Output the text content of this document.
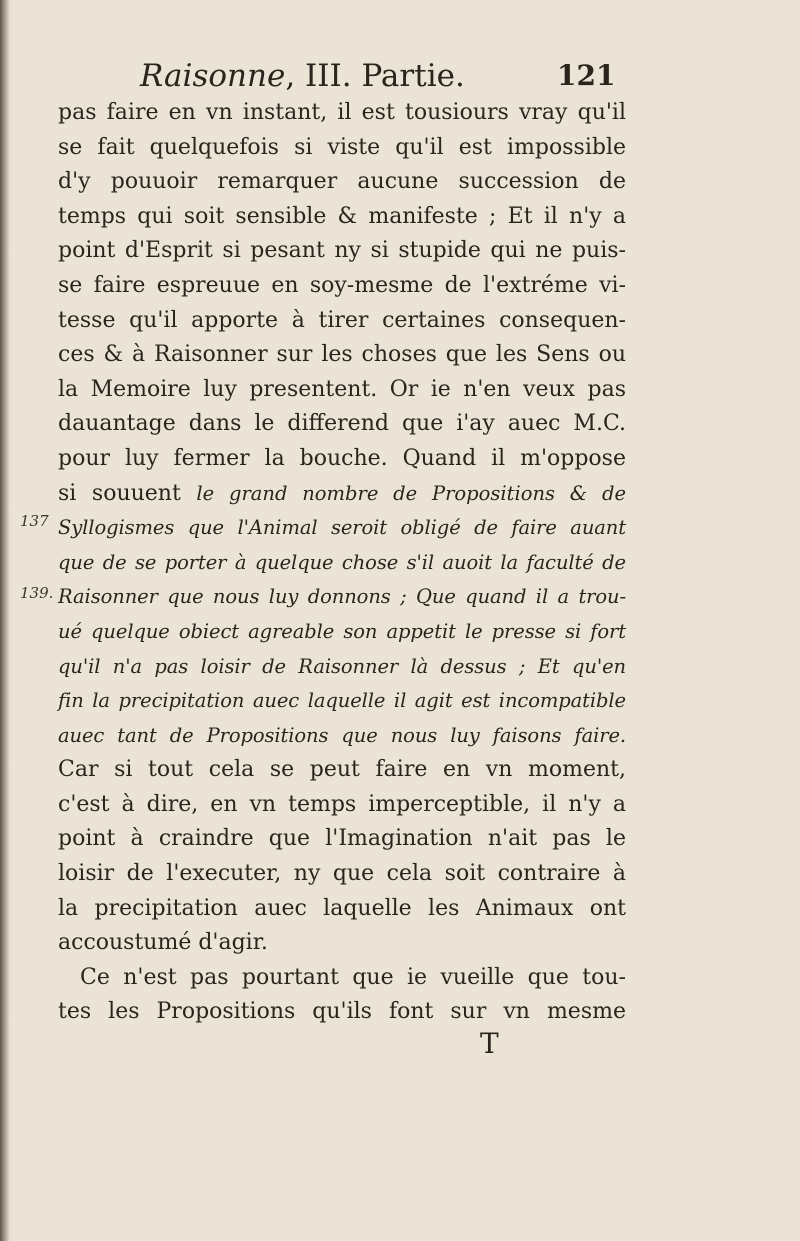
Raisonne, III. Partie.	121
137
139.
pas faire en vn instant, il est tousiours vray qu'il
se fait quelquefois si viste qu'il est impossible
d'y pouuoir remarquer aucune succession de
temps qui soit sensible & manifeste ; Et il n'y a
point d'Esprit si pesant ny si stupide qui ne puis-
se faire espreuue en soy-mesme de l'extréme vi-
tesse qu'il apporte à tirer certaines consequen-
ces & à Raisonner sur les choses que les Sens ou
la Memoire luy presentent. Or ie n'en veux pas
dauantage dans le differend que i'ay auec M.C.
pour luy fermer la bouche. Quand il m'oppose
si souuent le grand nombre de Propositions & de
Syllogismes que l'Animal seroit obligé de faire auant
que de se porter à quelque chose s'il auoit la faculté de
Raisonner que nous luy donnons ; Que quand il a trou-
ué quelque obiect agreable son appetit le presse si fort
qu'il n'a pas loisir de Raisonner là dessus ; Et qu'en
fin la precipitation auec laquelle il agit est incompatible
auec tant de Propositions que nous luy faisons faire.
Car si tout cela se peut faire en vn moment,
c'est à dire, en vn temps imperceptible, il n'y a
point à craindre que l'Imagination n'ait pas le
loisir de l'executer, ny que cela soit contraire à
la precipitation auec laquelle les Animaux ont
accoustumé d'agir.
Ce n'est pas pourtant que ie vueille que tou-
tes les Propositions qu'ils font sur vn mesme
T
